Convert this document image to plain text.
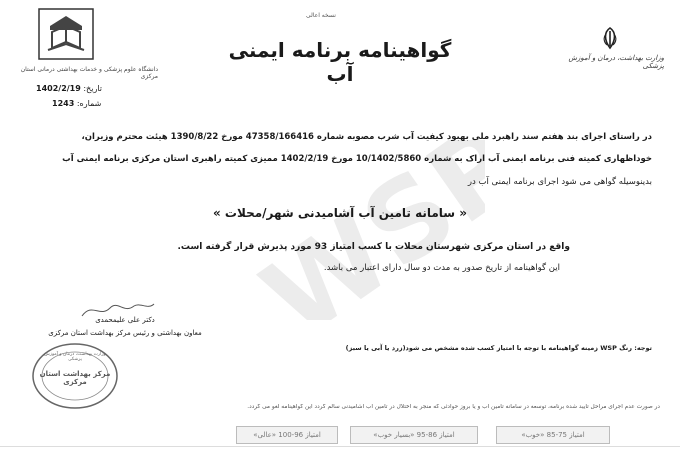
دانشگاه علوم پزشکی و خدمات بهداشتی درمانی استان مرکزی
تاریخ: 1402/2/19
شماره: 1243
نسخه اعالی
گواهینامه برنامه ایمنی آب
وزارت بهداشت، درمان و آموزش پزشکی
WSP
در راستای اجرای بند هفتم سند راهبرد ملی بهبود کیفیت آب شرب مصوبه شماره 47358/166416 مورخ 1390/8/22 هیئت محترم وزیران،
خوداظهاری کمیته فنی برنامه ایمنی آب اراک به شماره 10/1402/5860 مورخ 1402/2/19 ممیزی کمیته راهبری استان مرکزی برنامه ایمنی آب
بدینوسیله گواهی می شود اجرای برنامه ایمنی آب در
« سامانه تامین آب آشامیدنی شهر/محلات »
واقع در استان مرکزی شهرستان محلات با کسب امتیاز 93 مورد پذیرش قرار گرفته است.
این گواهینامه از تاریخ صدور به مدت دو سال دارای اعتبار می باشد.
دکتر علی علیمحمدی
معاون بهداشتی و رئیس مرکز بهداشت استان مرکزی
وزارت بهداشت، درمان و آموزش پزشکی
مرکز بهداشت استان مرکزی
توجه: رنگ WSP زمینه گواهینامه با توجه با امتیاز کسب شده مشخص می شود(زرد یا آبی یا سبز)
در صورت عدم اجرای مراحل تایید شده برنامه، توسعه در سامانه تامین آب و یا بروز حوادثی که منجر به اختلال در تامین آب آشامیدنی سالم گردد این گواهینامه لغو می گردد.
امتیاز 75-85 «خوب»
امتیاز 86-95 «بسیار خوب»
امتیاز 96-100 «عالی»
